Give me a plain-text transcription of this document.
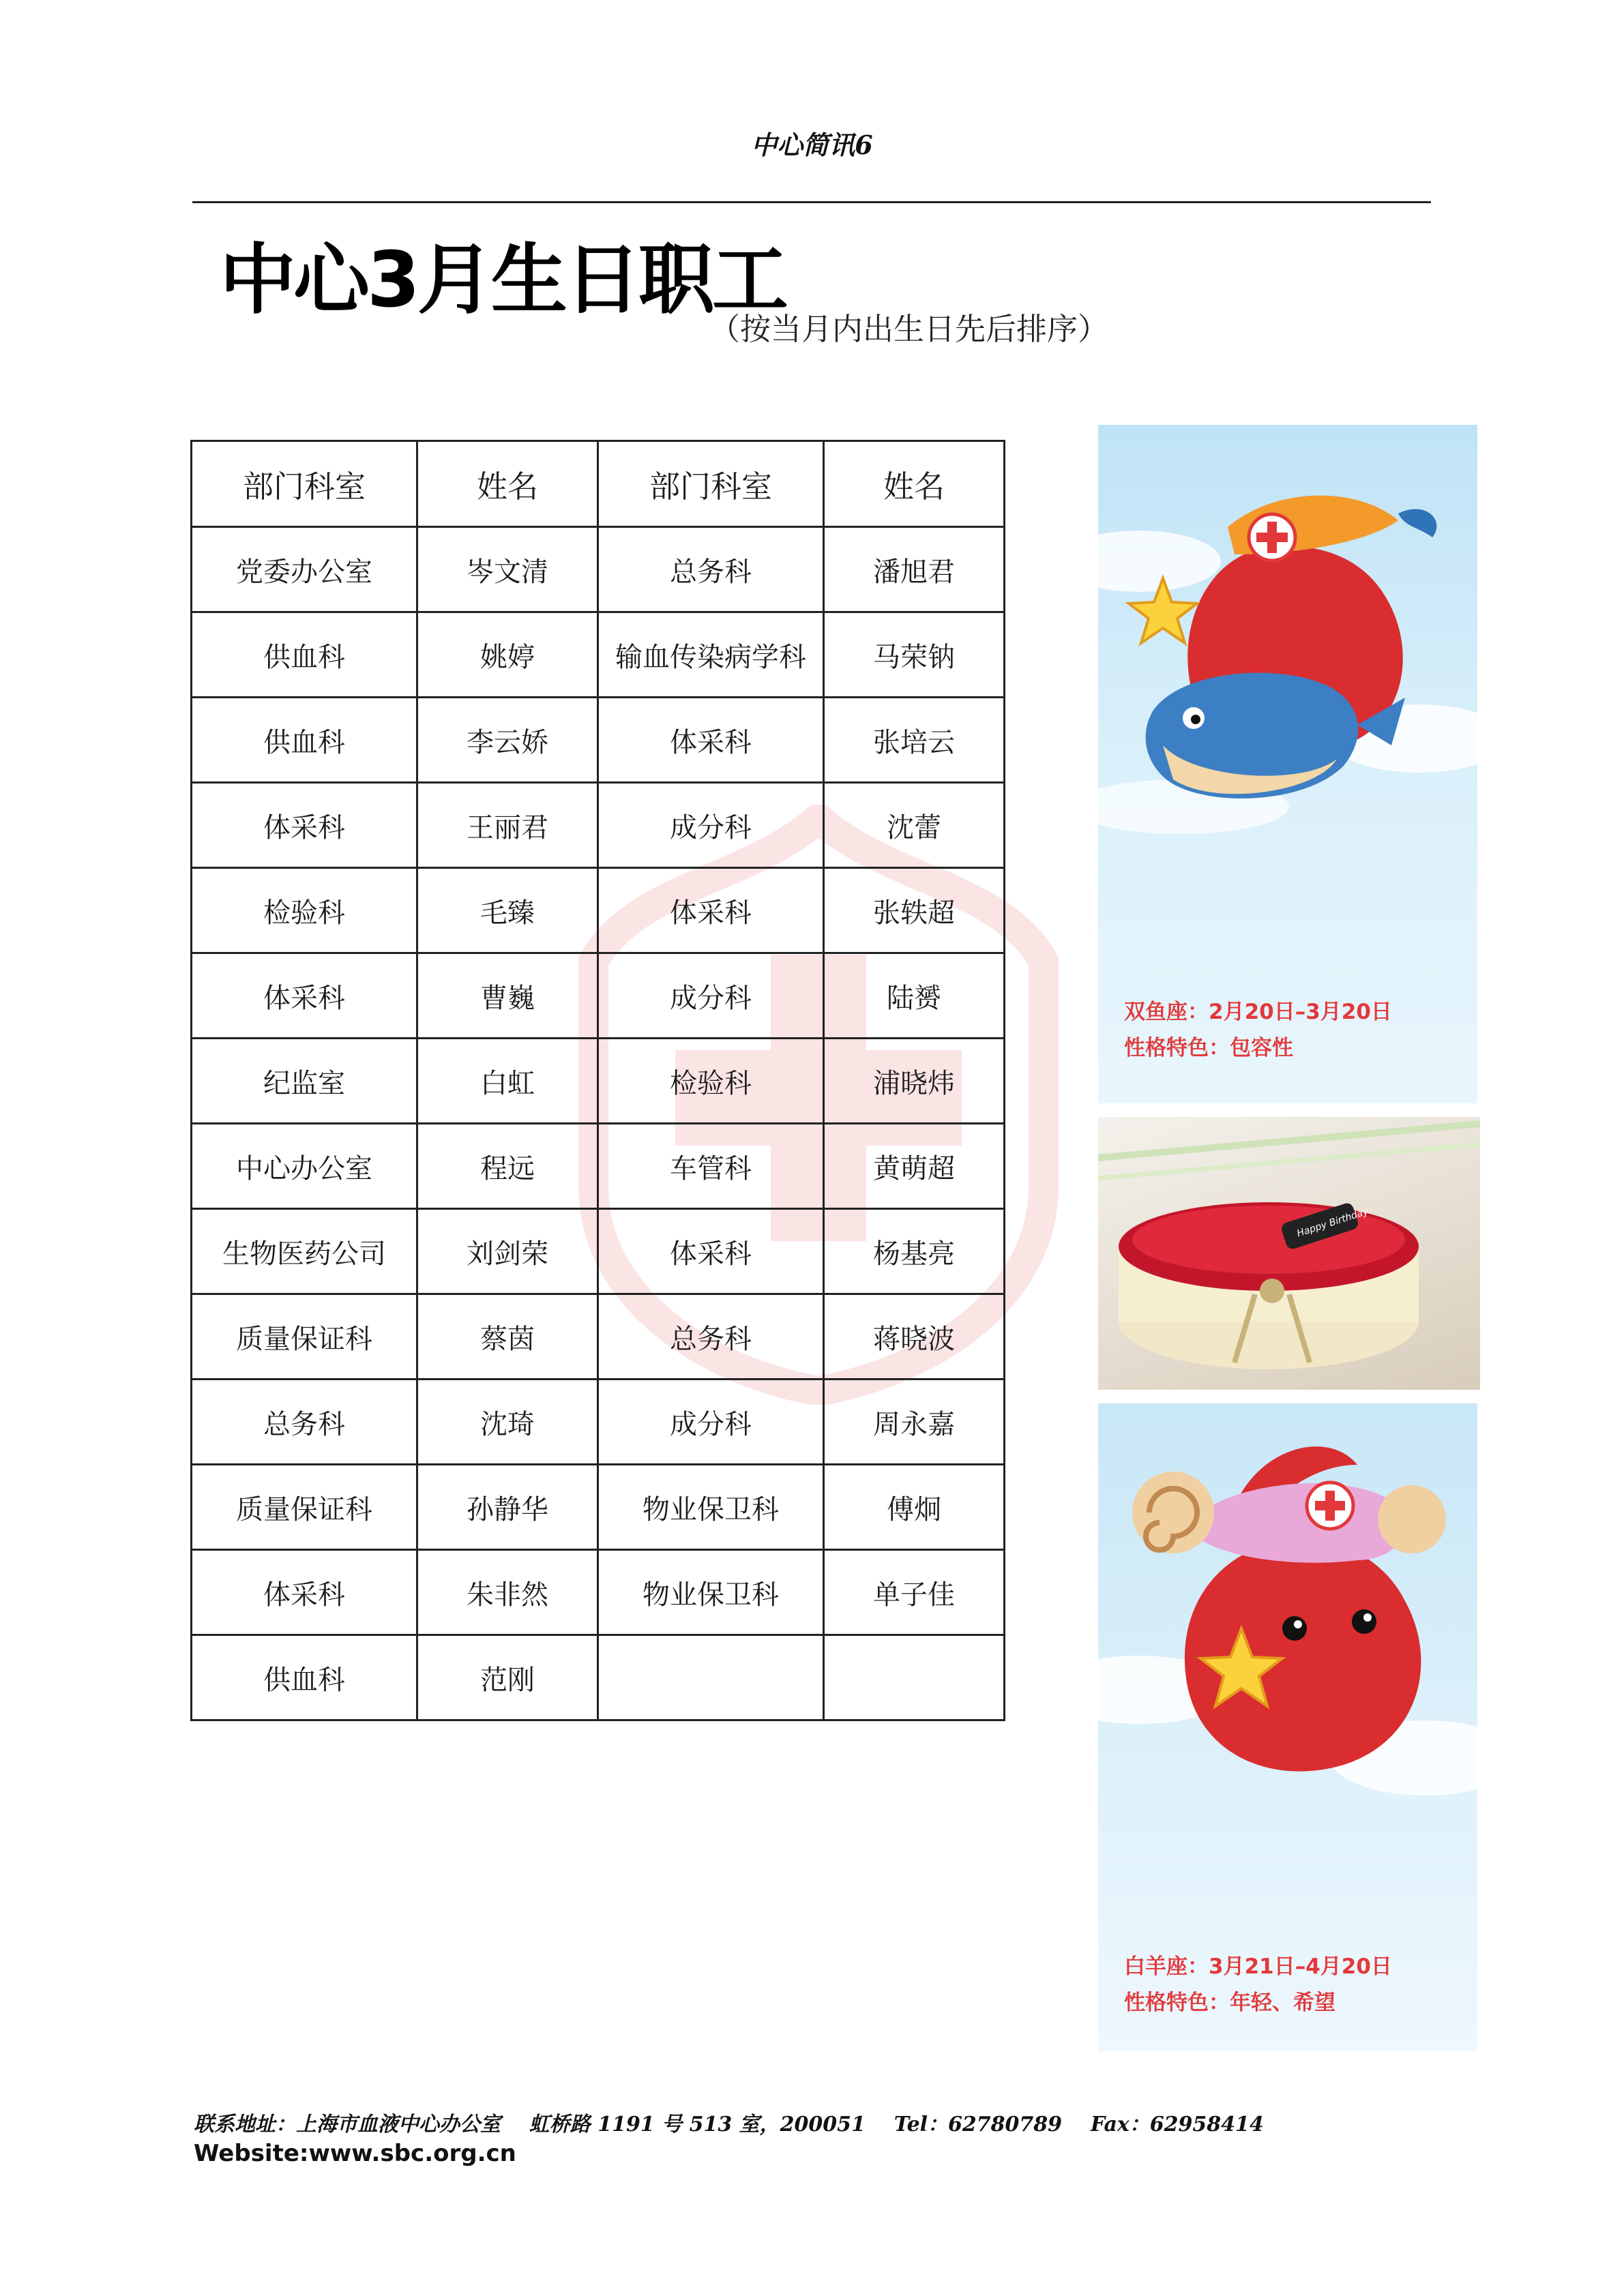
中心简讯6
中心3月生日职工
（按当月内出生日先后排序）
部门科室	姓名	部门科室	姓名
党委办公室	岑文清	总务科	潘旭君
供血科	姚婷	输血传染病学科	马荣钠
供血科	李云娇	体采科	张培云
体采科	王丽君	成分科	沈蕾
检验科	毛臻	体采科	张轶超
体采科	曹巍	成分科	陆赟
纪监室	白虹	检验科	浦晓炜
中心办公室	程远	车管科	黄萌超
生物医药公司	刘剑荣	体采科	杨基亮
质量保证科	蔡茵	总务科	蒋晓波
总务科	沈琦	成分科	周永嘉
质量保证科	孙静华	物业保卫科	傅炯
体采科	朱非然	物业保卫科	单子佳
供血科	范刚		
双鱼座：2月20日–3月20日
性格特色：包容性
Happy Birthday
白羊座：3月21日–4月20日
性格特色：年轻、希望
联系地址：上海市血液中心办公室    虹桥路 1191 号 513 室，200051    Tel：62780789    Fax：62958414
Website:www.sbc.org.cn
